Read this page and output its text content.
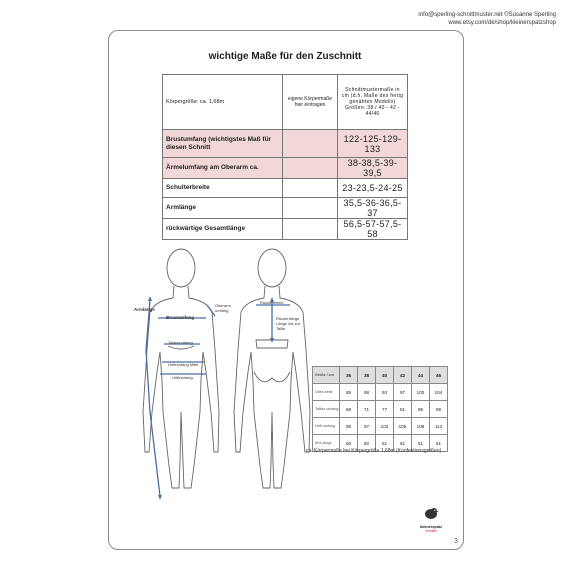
info@sperling-schnittmuster.net ©Susanne Sperling
www.etsy.com/de/shop/kleinerspatzshop
wichtige Maße für den Zuschnitt
Körpergröße: ca. 1,68m	eigene Körpermaße hier eintragen	Schnittmustermaße in cm (d.h. Maße des fertig genähten Modells) Größen: 38 / 40 - 42 - 44/46
Brustumfang (wichtigstes Maß für diesen Schnitt		122-125-129-133
Ärmelumfang am Oberarm ca.		38-38,5-39-39,5
Schulterbreite		23-23,5-24-25
Armlänge		35,5-36-36,5-37
rückwärtige Gesamtlänge		56,5-57-57,5-58
Armlänge
Brustumfang
Oberarm umfang
Taillenumfang
Hüftumfang Mitte
Hüftumfang
Rückenbreite
Rückenlänge Länge bis zur Taille
Größe / cm	36	38	40	42	44	46
Ober-weite	85	88	93	97	100	104
Taillen-umfang	68	71	77	81	85	89
Hüft-umfang	95	97	102	105	109	113
Arm-länge	60	60	61	61	61	61
ca. Körpermaße bei Körpergröße 1,68m (Konfektionsgrößen)
kleinerspatz
Schnitte
3
